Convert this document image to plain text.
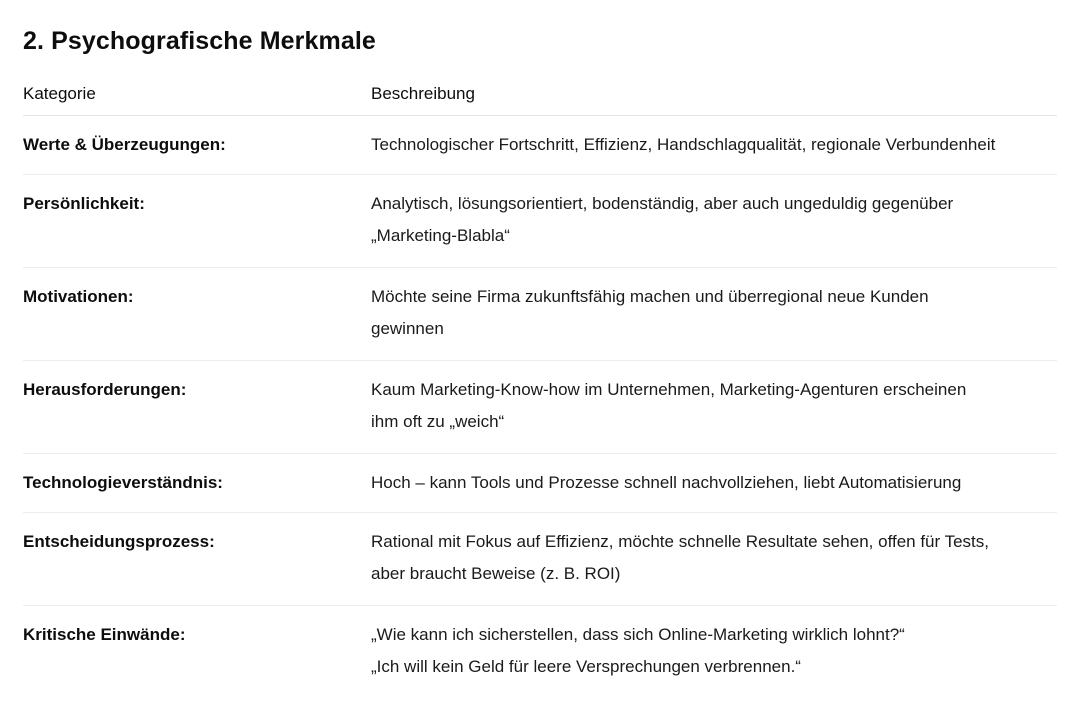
2. Psychografische Merkmale
Kategorie	Beschreibung
Werte & Überzeugungen:	Technologischer Fortschritt, Effizienz, Handschlagqualität, regionale Verbundenheit
Persönlichkeit:	Analytisch, lösungsorientiert, bodenständig, aber auch ungeduldig gegenüber
„Marketing-Blabla“
Motivationen:	Möchte seine Firma zukunftsfähig machen und überregional neue Kunden
gewinnen
Herausforderungen:	Kaum Marketing-Know-how im Unternehmen, Marketing-Agenturen erscheinen
ihm oft zu „weich“
Technologieverständnis:	Hoch – kann Tools und Prozesse schnell nachvollziehen, liebt Automatisierung
Entscheidungsprozess:	Rational mit Fokus auf Effizienz, möchte schnelle Resultate sehen, offen für Tests,
aber braucht Beweise (z. B. ROI)
Kritische Einwände:	„Wie kann ich sicherstellen, dass sich Online-Marketing wirklich lohnt?“
„Ich will kein Geld für leere Versprechungen verbrennen.“
